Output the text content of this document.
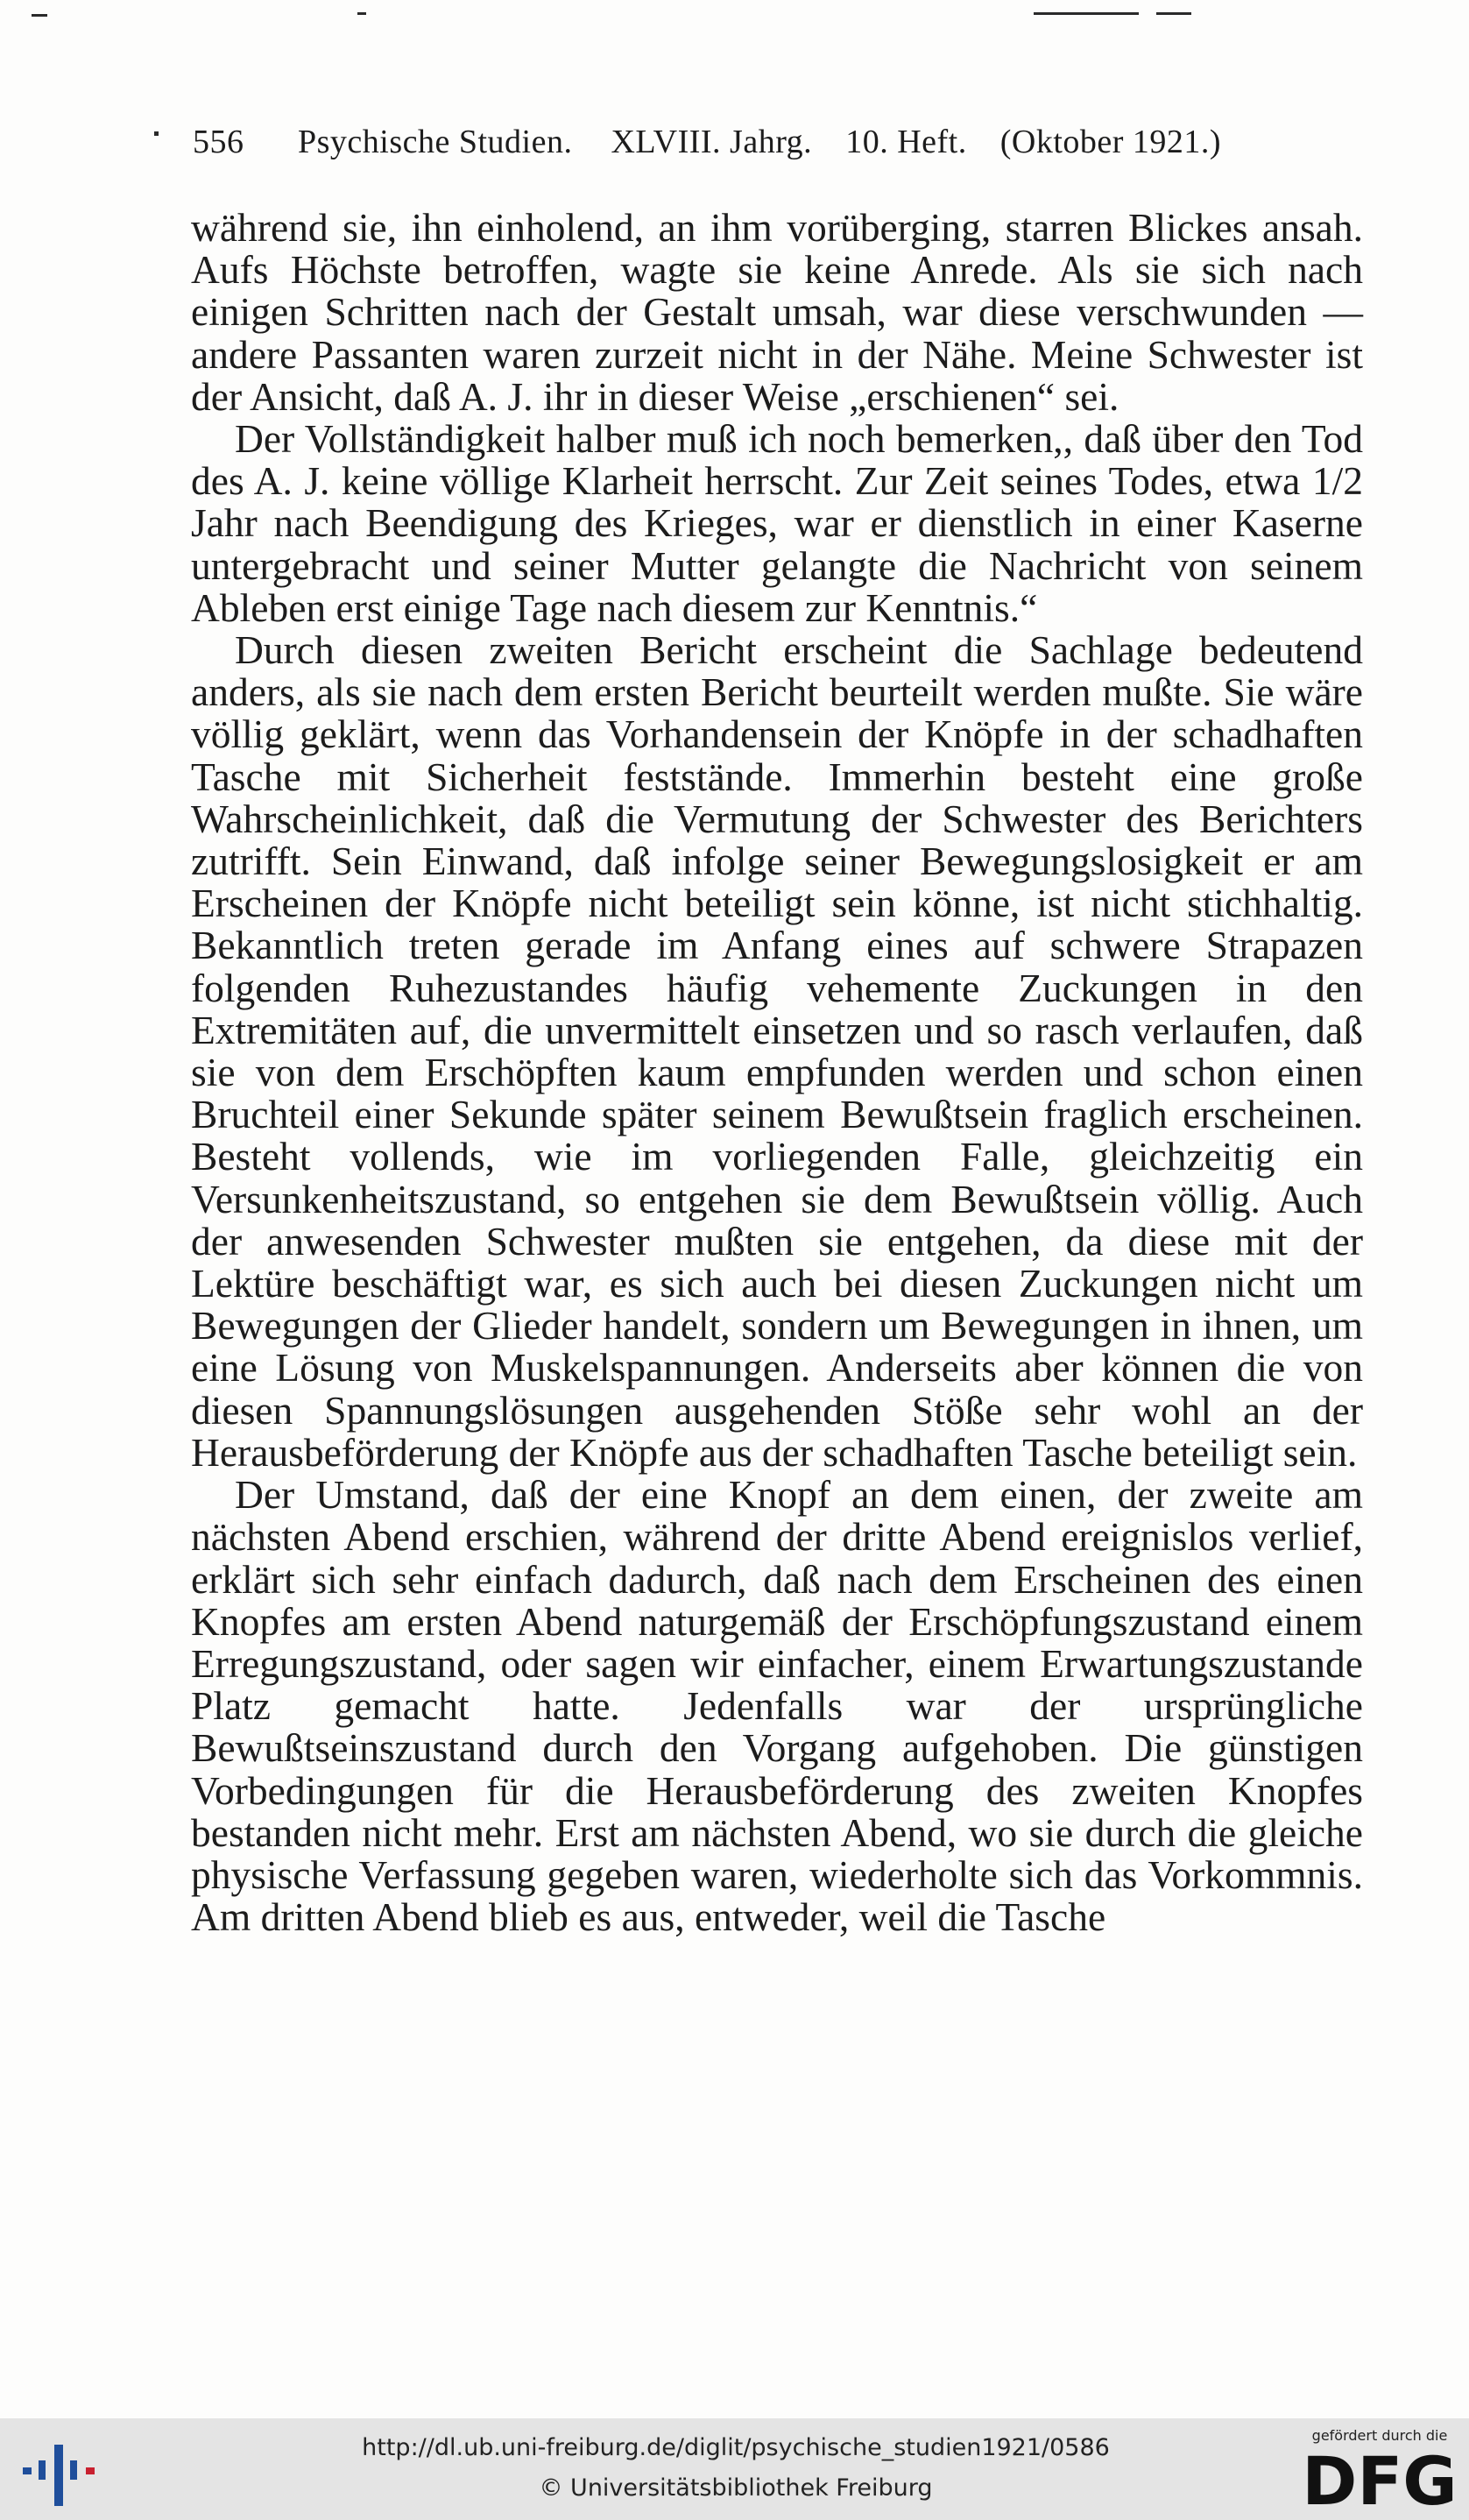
556 Psychische Studien. XLVIII. Jahrg. 10. Heft. (Oktober 1921.)

während sie, ihn einholend, an ihm vorüberging, starren Blickes ansah. Aufs Höchste betroffen, wagte sie keine Anrede. Als sie sich nach einigen Schritten nach der Gestalt umsah, war diese verschwunden — andere Passanten waren zurzeit nicht in der Nähe. Meine Schwester ist der Ansicht, daß A. J. ihr in dieser Weise „erschienen“ sei.

Der Vollständigkeit halber muß ich noch bemerken,, daß über den Tod des A. J. keine völlige Klarheit herrscht. Zur Zeit seines Todes, etwa 1/2 Jahr nach Beendigung des Krieges, war er dienstlich in einer Kaserne untergebracht und seiner Mutter gelangte die Nachricht von seinem Ableben erst einige Tage nach diesem zur Kenntnis.“

Durch diesen zweiten Bericht erscheint die Sachlage bedeutend anders, als sie nach dem ersten Bericht beurteilt werden mußte. Sie wäre völlig geklärt, wenn das Vorhandensein der Knöpfe in der schadhaften Tasche mit Sicherheit feststände. Immerhin besteht eine große Wahrscheinlichkeit, daß die Vermutung der Schwester des Berichters zutrifft. Sein Einwand, daß infolge seiner Bewegungslosigkeit er am Erscheinen der Knöpfe nicht beteiligt sein könne, ist nicht stichhaltig. Bekanntlich treten gerade im Anfang eines auf schwere Strapazen folgenden Ruhezustandes häufig vehemente Zuckungen in den Extremitäten auf, die unvermittelt einsetzen und so rasch verlaufen, daß sie von dem Erschöpften kaum empfunden werden und schon einen Bruchteil einer Sekunde später seinem Bewußtsein fraglich erscheinen. Besteht vollends, wie im vorliegenden Falle, gleichzeitig ein Versunkenheitszustand, so entgehen sie dem Bewußtsein völlig. Auch der anwesenden Schwester mußten sie entgehen, da diese mit der Lektüre beschäftigt war, es sich auch bei diesen Zuckungen nicht um Bewegungen der Glieder handelt, sondern um Bewegungen in ihnen, um eine Lösung von Muskelspannungen. Anderseits aber können die von diesen Spannungslösungen ausgehenden Stöße sehr wohl an der Herausbeförderung der Knöpfe aus der schadhaften Tasche beteiligt sein.

Der Umstand, daß der eine Knopf an dem einen, der zweite am nächsten Abend erschien, während der dritte Abend ereignislos verlief, erklärt sich sehr einfach dadurch, daß nach dem Erscheinen des einen Knopfes am ersten Abend naturgemäß der Erschöpfungszustand einem Erregungszustand, oder sagen wir einfacher, einem Erwartungszustande Platz gemacht hatte. Jedenfalls war der ursprüngliche Bewußtseinszustand durch den Vorgang aufgehoben. Die günstigen Vorbedingungen für die Herausbeförderung des zweiten Knopfes bestanden nicht mehr. Erst am nächsten Abend, wo sie durch die gleiche physische Verfassung gegeben waren, wiederholte sich das Vorkommnis. Am dritten Abend blieb es aus, entweder, weil die Tasche

http://dl.ub.uni-freiburg.de/diglit/psychische_studien1921/0586
© Universitätsbibliothek Freiburg
gefördert durch die
DFG
